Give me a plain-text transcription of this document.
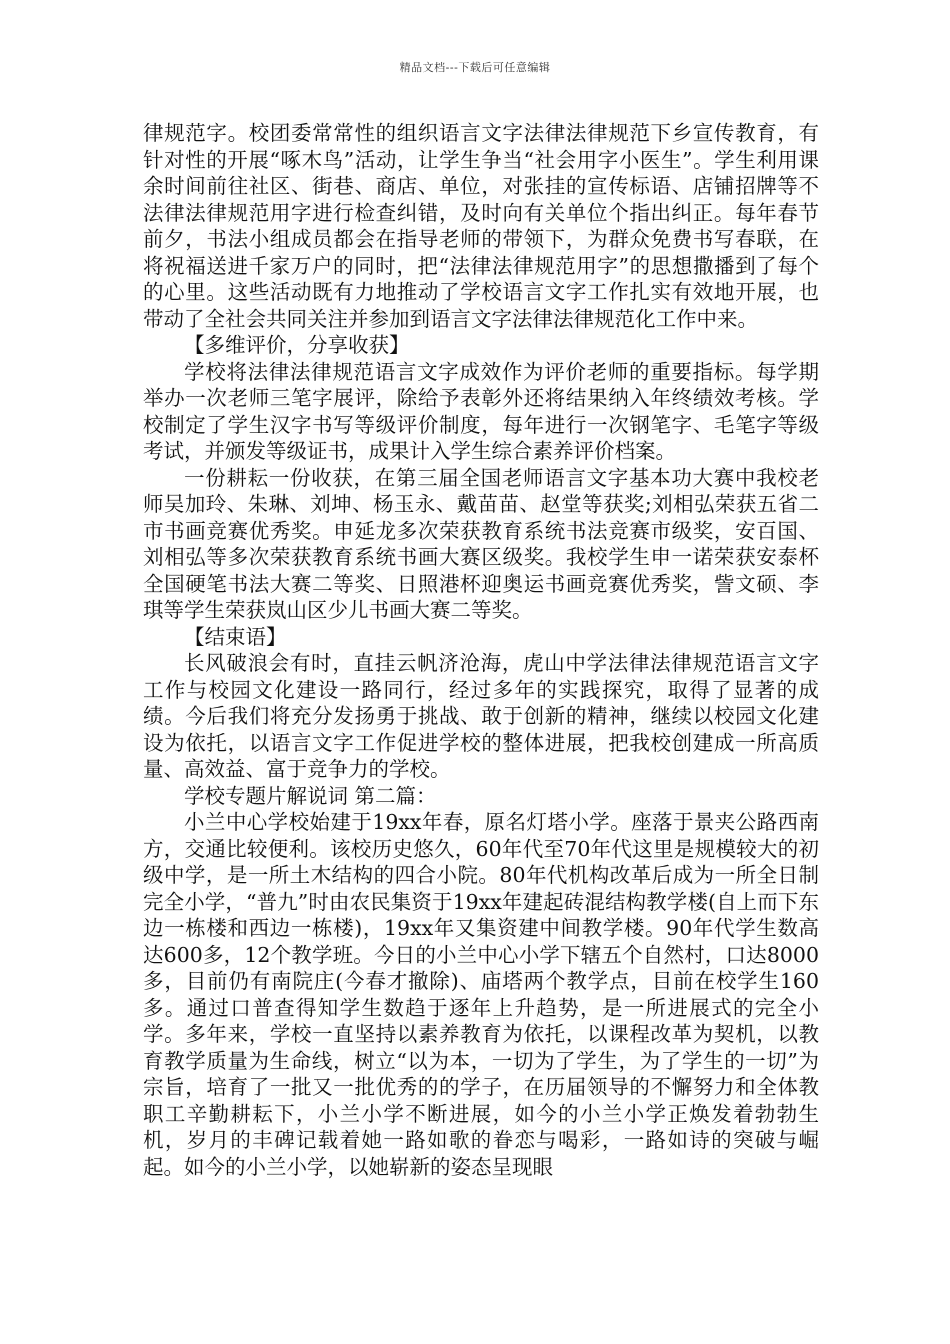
精品文档---下载后可任意编辑

律规范字。校团委常常性的组织语言文字法律法律规范下乡宣传教育，有针对性的开展“啄木鸟”活动，让学生争当“社会用字小医生”。学生利用课余时间前往社区、街巷、商店、单位，对张挂的宣传标语、店铺招牌等不法律法律规范用字进行检查纠错，及时向有关单位个指出纠正。每年春节前夕，书法小组成员都会在指导老师的带领下，为群众免费书写春联，在将祝福送进千家万户的同时，把“法律法律规范用字”的思想撒播到了每个的心里。这些活动既有力地推动了学校语言文字工作扎实有效地开展，也带动了全社会共同关注并参加到语言文字法律法律规范化工作中来。

【多维评价，分享收获】

学校将法律法律规范语言文字成效作为评价老师的重要指标。每学期举办一次老师三笔字展评，除给予表彰外还将结果纳入年终绩效考核。学校制定了学生汉字书写等级评价制度，每年进行一次钢笔字、毛笔字等级考试，并颁发等级证书，成果计入学生综合素养评价档案。

一份耕耘一份收获，在第三届全国老师语言文字基本功大赛中我校老师吴加玲、朱琳、刘坤、杨玉永、戴苗苗、赵堂等获奖;刘相弘荣获五省二市书画竞赛优秀奖。申延龙多次荣获教育系统书法竞赛市级奖，安百国、刘相弘等多次荣获教育系统书画大赛区级奖。我校学生申一诺荣获安泰杯全国硬笔书法大赛二等奖、日照港杯迎奥运书画竞赛优秀奖，訾文硕、李琪等学生荣获岚山区少儿书画大赛二等奖。

【结束语】

长风破浪会有时，直挂云帆济沧海，虎山中学法律法律规范语言文字工作与校园文化建设一路同行，经过多年的实践探究，取得了显著的成绩。今后我们将充分发扬勇于挑战、敢于创新的精神，继续以校园文化建设为依托，以语言文字工作促进学校的整体进展，把我校创建成一所高质量、高效益、富于竞争力的学校。

学校专题片解说词 第二篇：

小兰中心学校始建于19xx年春，原名灯塔小学。座落于景夹公路西南方，交通比较便利。该校历史悠久，60年代至70年代这里是规模较大的初级中学，是一所土木结构的四合小院。80年代机构改革后成为一所全日制完全小学，“普九”时由农民集资于19xx年建起砖混结构教学楼(自上而下东边一栋楼和西边一栋楼)，19xx年又集资建中间教学楼。90年代学生数高达600多，12个教学班。今日的小兰中心小学下辖五个自然村，口达8000多，目前仍有南院庄(今春才撤除)、庙塔两个教学点，目前在校学生160多。通过口普查得知学生数趋于逐年上升趋势，是一所进展式的完全小学。多年来，学校一直坚持以素养教育为依托，以课程改革为契机，以教育教学质量为生命线，树立“以为本，一切为了学生，为了学生的一切”为宗旨，培育了一批又一批优秀的的学子，在历届领导的不懈努力和全体教职工辛勤耕耘下，小兰小学不断进展，如今的小兰小学正焕发着勃勃生机，岁月的丰碑记载着她一路如歌的眷恋与喝彩，一路如诗的突破与崛起。如今的小兰小学，以她崭新的姿态呈现眼
